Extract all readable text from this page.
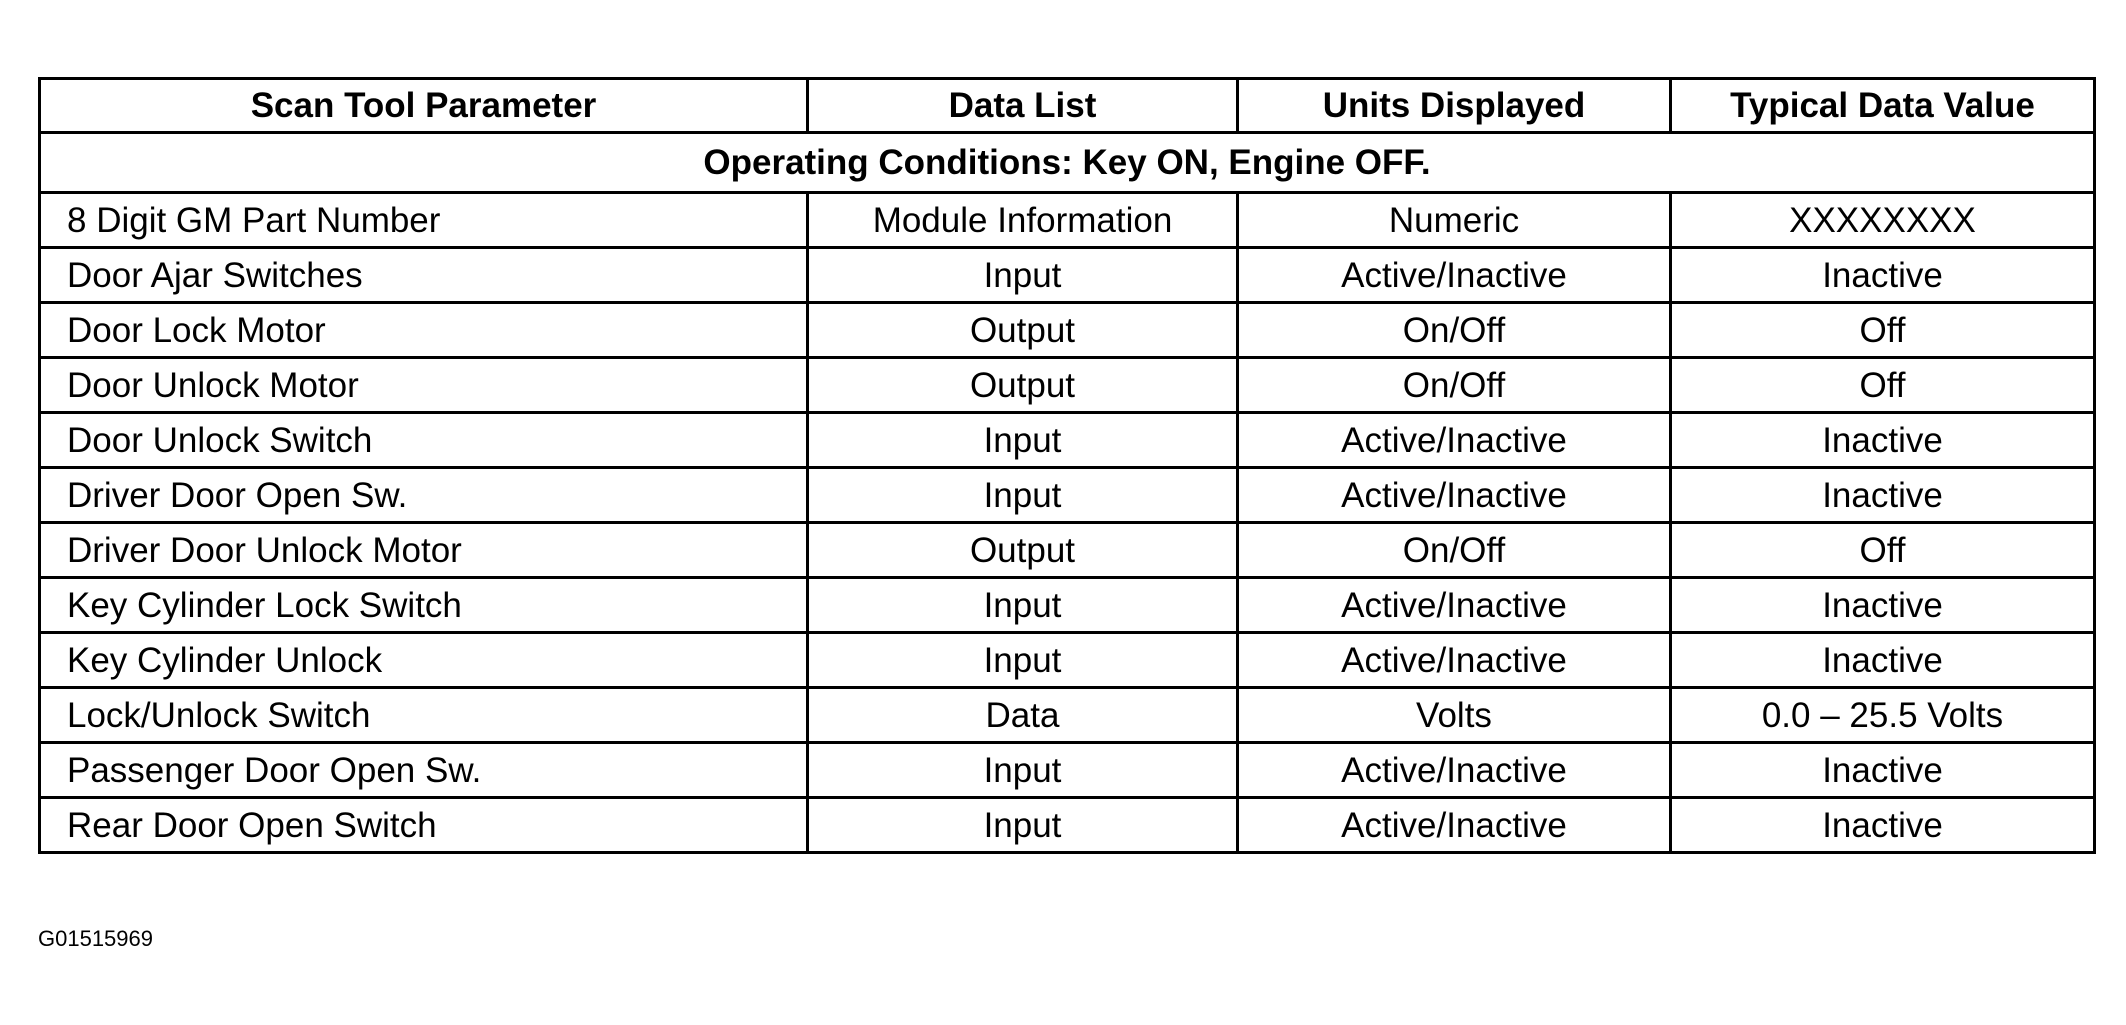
Scan Tool Parameter	Data List	Units Displayed	Typical Data Value
Operating Conditions: Key ON, Engine OFF.			
8 Digit GM Part Number	Module Information	Numeric	XXXXXXXX
Door Ajar Switches	Input	Active/Inactive	Inactive
Door Lock Motor	Output	On/Off	Off
Door Unlock Motor	Output	On/Off	Off
Door Unlock Switch	Input	Active/Inactive	Inactive
Driver Door Open Sw.	Input	Active/Inactive	Inactive
Driver Door Unlock Motor	Output	On/Off	Off
Key Cylinder Lock Switch	Input	Active/Inactive	Inactive
Key Cylinder Unlock	Input	Active/Inactive	Inactive
Lock/Unlock Switch	Data	Volts	0.0 – 25.5 Volts
Passenger Door Open Sw.	Input	Active/Inactive	Inactive
Rear Door Open Switch	Input	Active/Inactive	Inactive
G01515969
